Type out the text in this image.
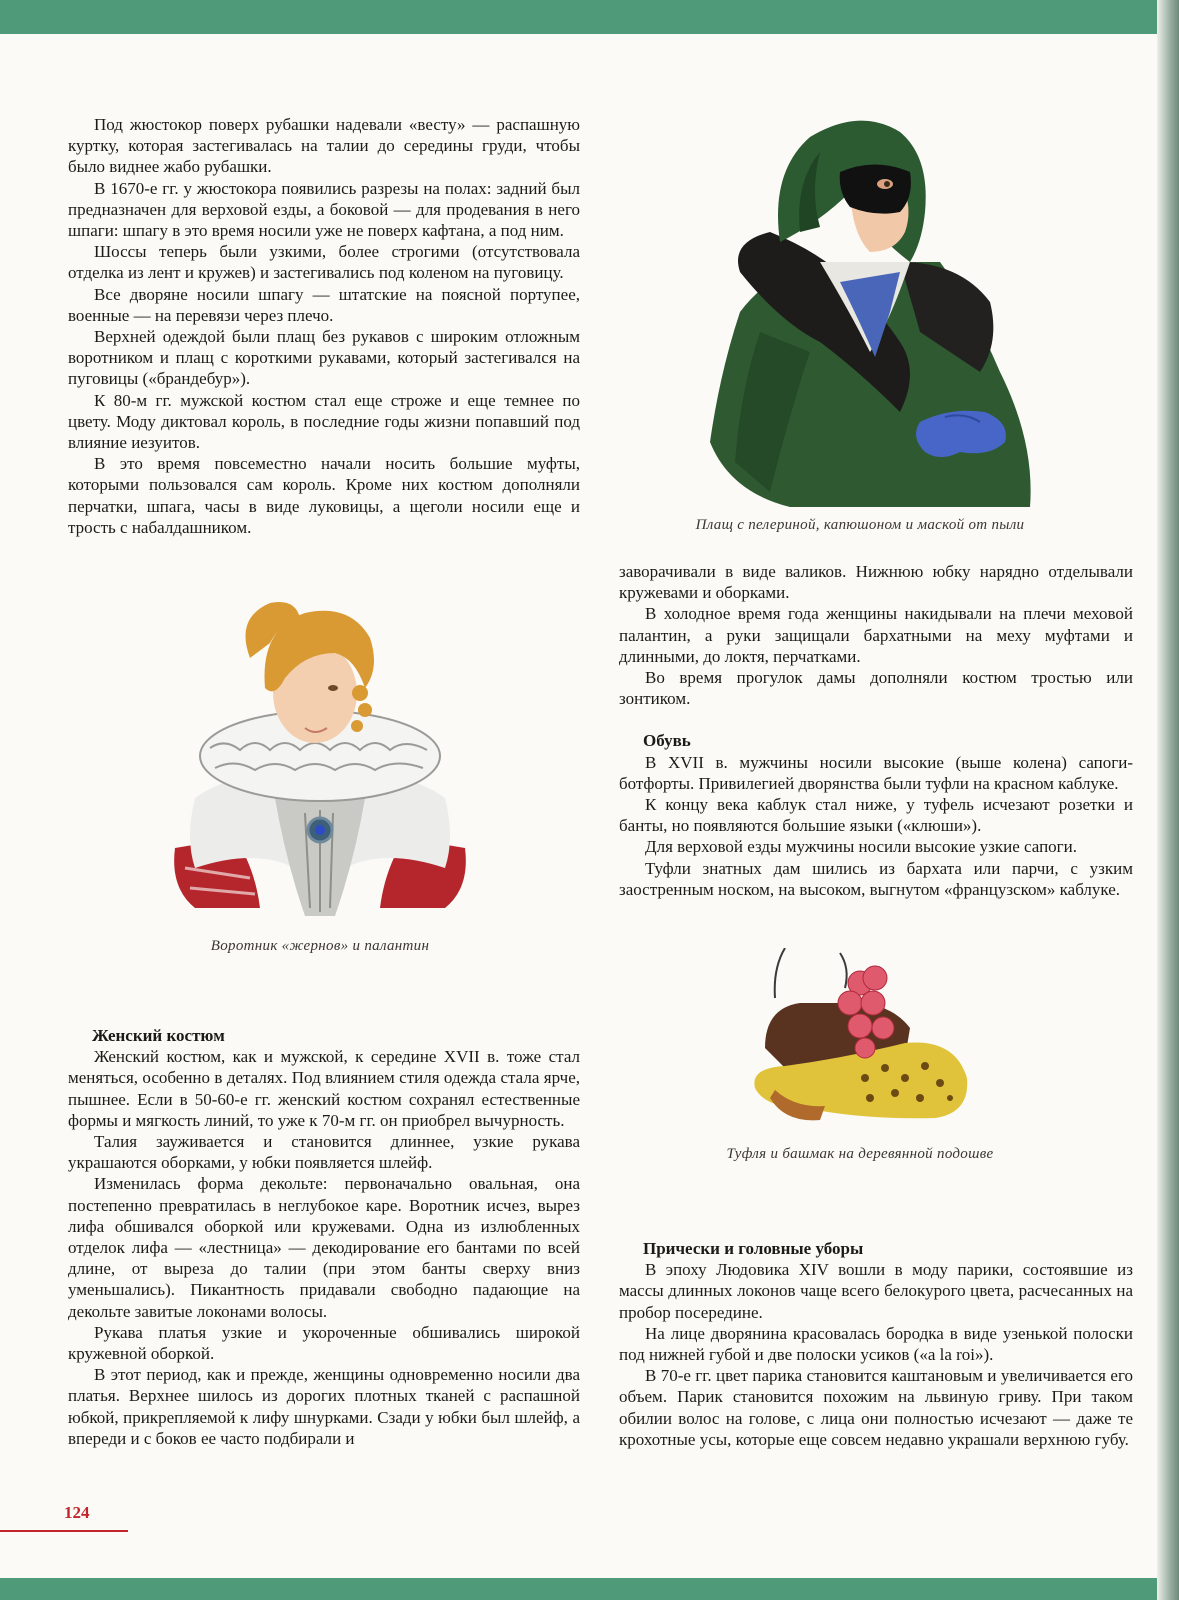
Под жюстокор поверх рубашки надевали «весту» — распашную куртку, которая застегивалась на талии до середины груди, чтобы было виднее жабо рубашки.

В 1670-е гг. у жюстокора появились разрезы на полах: задний был предназначен для верховой езды, а боковой — для продевания в него шпаги: шпагу в это время носили уже не поверх кафтана, а под ним.

Шоссы теперь были узкими, более строгими (отсутствовала отделка из лент и кружев) и застегивались под коленом на пуговицу.

Все дворяне носили шпагу — штатские на поясной портупее, военные — на перевязи через плечо.

Верхней одеждой были плащ без рукавов с широким отложным воротником и плащ с короткими рукавами, который застегивался на пуговицы («брандебур»).

К 80-м гг. мужской костюм стал еще строже и еще темнее по цвету. Моду диктовал король, в последние годы жизни попавший под влияние иезуитов.

В это время повсеместно начали носить большие муфты, которыми пользовался сам король. Кроме них костюм дополняли перчатки, шпага, часы в виде луковицы, а щеголи носили еще и трость с набалдашником.	Плащ с пелериной, капюшоном и маской от пыли

заворачивали в виде валиков. Нижнюю юбку нарядно отделывали кружевами и оборками.

В холодное время года женщины накидывали на плечи меховой палантин, а руки защищали бархатными на меху муфтами и длинными, до локтя, перчатками.

Во время прогулок дамы дополняли костюм тростью или зонтиком.

Обувь

В XVII в. мужчины носили высокие (выше колена) сапоги-ботфорты. Привилегией дворянства были туфли на красном каблуке.

К концу века каблук стал ниже, у туфель исчезают розетки и банты, но появляются большие языки («клюши»).

Для верховой езды мужчины носили высокие узкие сапоги.

Туфли знатных дам шились из бархата или парчи, с узким заостренным носком, на высоком, выгнутом «французском» каблуке.

Воротник «жернов» и палантин
Женский костюм

Женский костюм, как и мужской, к середине XVII в. тоже стал меняться, особенно в деталях. Под влиянием стиля одежда стала ярче, пышнее. Если в 50-60-е гг. женский костюм сохранял естественные формы и мягкость линий, то уже к 70-м гг. он приобрел вычурность.

Талия зауживается и становится длиннее, узкие рукава украшаются оборками, у юбки появляется шлейф.

Изменилась форма декольте: первоначально овальная, она постепенно превратилась в неглубокое каре. Воротник исчез, вырез лифа обшивался оборкой или кружевами. Одна из излюбленных отделок лифа — «лестница» — декодирование его бантами по всей длине, от выреза до талии (при этом банты сверху вниз уменьшались). Пикантность придавали свободно падающие на декольте завитые локонами волосы.

Рукава платья узкие и укороченные обшивались широкой кружевной оборкой.

В этот период, как и прежде, женщины одновременно носили два платья. Верхнее шилось из дорогих плотных тканей с распашной юбкой, прикрепляемой к лифу шнурками. Сзади у юбки был шлейф, а впереди и с боков ее часто подбирали и

Туфля и башмак на деревянной подошве
Прически и головные уборы

В эпоху Людовика XIV вошли в моду парики, состоявшие из массы длинных локонов чаще всего белокурого цвета, расчесанных на пробор посередине.

На лице дворянина красовалась бородка в виде узенькой полоски под нижней губой и две полоски усиков («a la roi»).

В 70-е гг. цвет парика становится каштановым и увеличивается его объем. Парик становится похожим на львиную гриву. При таком обилии волос на голове, с лица они полностью исчезают — даже те крохотные усы, которые еще совсем недавно украшали верхнюю губу.

124
